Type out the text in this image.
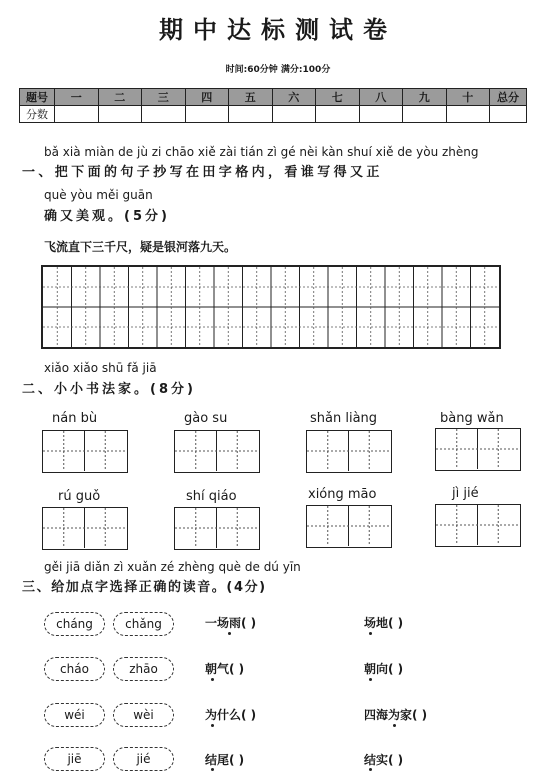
期中达标测试卷
时间:60分钟 满分:100分
题号	一	二	三	四	五	六	七	八	九	十	总分
分数											
bǎ xià miàn de jù zi chāo xiě zài tián zì gé nèi kàn shuí xiě de yòu zhèng
一、把下面的句子抄写在田字格内，看谁写得又正
què yòu měi guān
确又美观。(5分)
飞流直下三千尺，疑是银河落九天。
xiǎo xiǎo shū fǎ jiā
二、小小书法家。(8分)
nán bù	gào su	shǎn liàng	bàng wǎn
rú guǒ	shí qiáo	xióng māo	jì jié
gěi jiā diǎn zì xuǎn zé zhèng què de dú yīn
三、给加点字选择正确的读音。(4分)
cháng	chǎng	一场雨( )	场地( )
cháo	zhāo	朝气( )	朝向( )
wéi	wèi	为什么( )	四海为家( )
jiē	jié	结尾( )	结实( )
